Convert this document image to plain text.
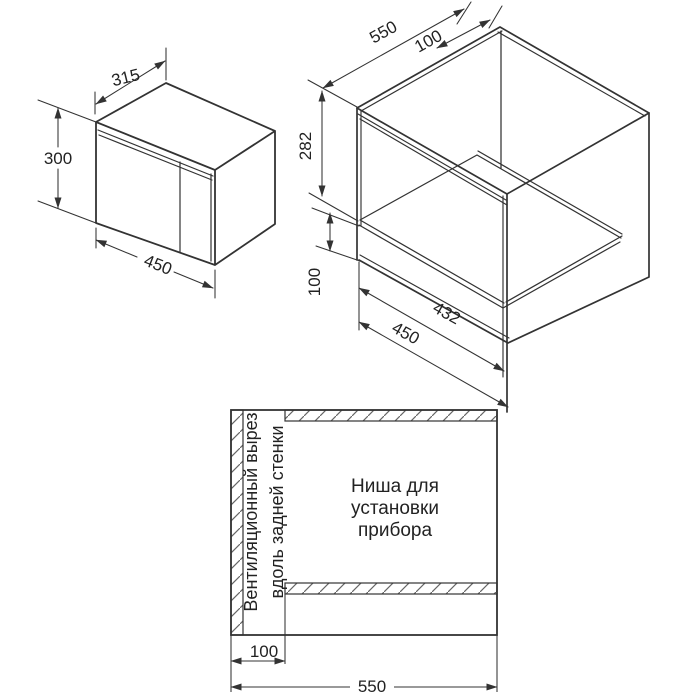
315
300
450
550 100
282
100
432
450
100
550
Ниша для
установки
прибора
Вентиляционный вырез вдоль задней стенки
